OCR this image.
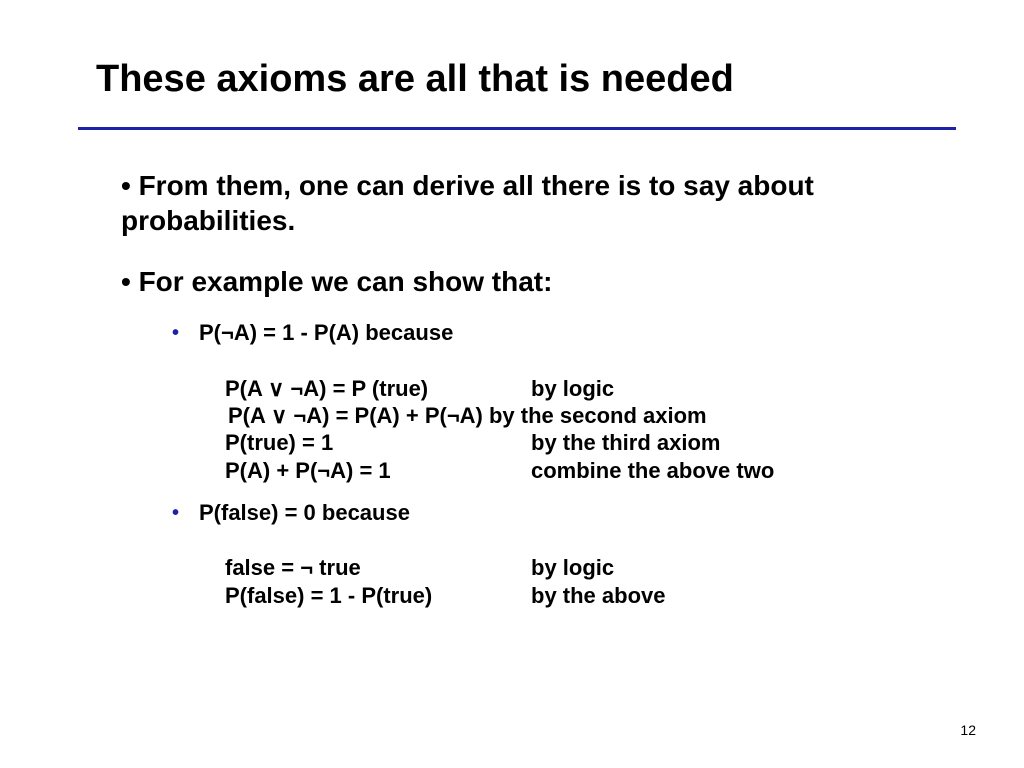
These axioms are all that is needed
• From them, one can derive all there is to say about probabilities.
• For example we can show that:
• P(¬A) = 1 - P(A) because
P(A ∨ ¬A) = P (true)	by logic
P(A ∨ ¬A) = P(A) + P(¬A) by the second axiom
P(true) = 1	by the third axiom
P(A) + P(¬A) = 1	combine the above two
• P(false) = 0 because
false = ¬ true	by logic
P(false) = 1 - P(true)	by the above
12
